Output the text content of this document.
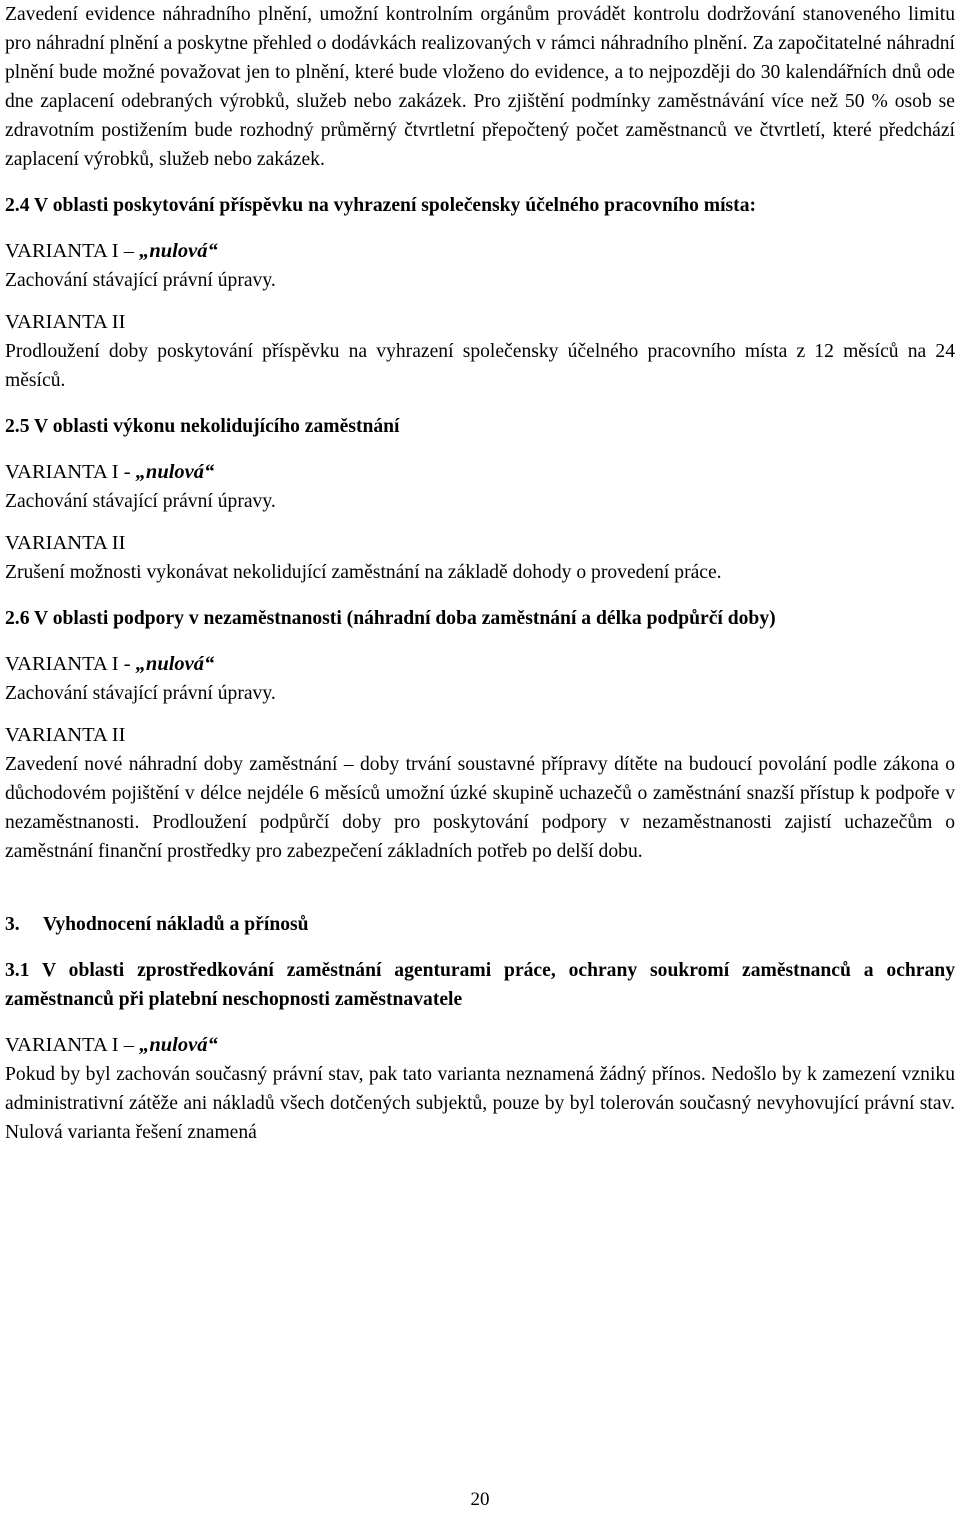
Zavedení evidence náhradního plnění, umožní kontrolním orgánům provádět kontrolu dodržování stanoveného limitu pro náhradní plnění a poskytne přehled o dodávkách realizovaných v rámci náhradního plnění. Za započitatelné náhradní plnění bude možné považovat jen to plnění, které bude vloženo do evidence, a to nejpozději do 30 kalendářních dnů ode dne zaplacení odebraných výrobků, služeb nebo zakázek. Pro zjištění podmínky zaměstnávání více než 50 % osob se zdravotním postižením bude rozhodný průměrný čtvrtletní přepočtený počet zaměstnanců ve čtvrtletí, které předchází zaplacení výrobků, služeb nebo zakázek.

2.4 V oblasti poskytování příspěvku na vyhrazení společensky účelného pracovního místa:

VARIANTA I – „nulová“

Zachování stávající právní úpravy.

VARIANTA II

Prodloužení doby poskytování příspěvku na vyhrazení společensky účelného pracovního místa z 12 měsíců na 24 měsíců.

2.5 V oblasti výkonu nekolidujícího zaměstnání

VARIANTA I - „nulová“

Zachování stávající právní úpravy.

VARIANTA II

Zrušení možnosti vykonávat nekolidující zaměstnání na základě dohody o provedení práce.

2.6 V oblasti podpory v nezaměstnanosti (náhradní doba zaměstnání a délka podpůrčí doby)

VARIANTA I - „nulová“

Zachování stávající právní úpravy.

VARIANTA II

Zavedení nové náhradní doby zaměstnání – doby trvání soustavné přípravy dítěte na budoucí povolání podle zákona o důchodovém pojištění v délce nejdéle 6 měsíců umožní úzké skupině uchazečů o zaměstnání snazší přístup k podpoře v nezaměstnanosti. Prodloužení podpůrčí doby pro poskytování podpory v nezaměstnanosti zajistí uchazečům o zaměstnání finanční prostředky pro zabezpečení základních potřeb po delší dobu.

3. Vyhodnocení nákladů a přínosů

3.1 V oblasti zprostředkování zaměstnání agenturami práce, ochrany soukromí zaměstnanců a ochrany zaměstnanců při platební neschopnosti zaměstnavatele

VARIANTA I – „nulová“

Pokud by byl zachován současný právní stav, pak tato varianta neznamená žádný přínos. Nedošlo by k zamezení vzniku administrativní zátěže ani nákladů všech dotčených subjektů, pouze by byl tolerován současný nevyhovující právní stav. Nulová varianta řešení znamená

20
